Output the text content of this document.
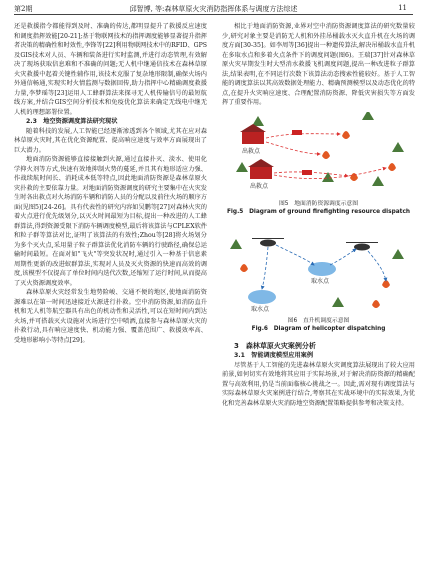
第2期	邱智博, 等:森林草原火灾消防指挥体系与调度方法综述	11

还是救援指令都能得到及时、准确的传达,都明显提升了救援反应速度和调度指挥效能[20-21];基于物联网技术的指挥调度能够显著提升指挥者决策的精确性和时效性,李锋等[22]利用物联网技术中的RFID、GPS及GIS技术对人员、车辆和装备进行实时监测,并进行动态管理,有效解决了现场获取信息难和不准确的问题;无人机中继通信技术在森林草原火灾救援中起着关键性辅作用,该技术克服了复杂地形限制,确保火场内外通信畅通,实现实时火情监测与数据回传,助力指挥中心精确调度救援力量,李梦瑶等[23]运用人工蜂群算法来探寻无人机传输信号的最短航线方案,并结合GIS空间分析技术和免疫优化算法来确定无线电中继无人机的理想部署位置。

2.3　地空资源调度算法研究现状

随着科技的发展,人工智能已经逐渐渗透到各个领域,尤其在应对森林草原火灾时,其在优化资源配置、提高响应速度与效率方面展现出了巨大潜力。

地面消防资源能够直接接触到火源,通过直接扑灭、淡水、使用化学抑火剂等方式,快速有效地抑制火势的蔓延,并且其有地形适应力强、作战续航时间长、消耗成本低等特点,因此地面消防资源是森林草原火灾扑救的主要依靠力量。对地面消防资源调度的研究主要集中在火灾发生时各出救点对火场消防车辆和消防人员的分配以及前往火场的顺序方面(见图5)[24-26]。具有代表性的研究内容如吴鹏等[27]对森林火灾的着火点进行优先级划分,以灭火时间最短为目标,提出一种改进的人工蜂群算法,得到资源受限下消防车辆调度模型,最后将该算法与CPLEX软件和粒子群等算法对比,证明了该算法的有效性;Zhou等[28]将火场划分为多个灭火点,采用量子粒子群算法优化消防车辆的行驶路径,确保总运输时间最短。在面对如"飞火"等突发状况时,通过引入一种基于信息素周期性更新的改进蚁群算法,实现对人员及灭火资源的快速而高效的调度,该模型不仅提高了单位时间内迭代次数,还缩短了运行时间,从而提高了灭火资源调度效率。

森林草原火灾经常发生地势险峻、交通不便的地区,使地面消防资源难以在第一时间迅速接近火源进行扑救。空中消防资源,如消防直升机和无人机等航空器具有出色的机动性和灵活性,可以在短时间内到达火场,并可搭载灭火设施对火场进行空中喷洒,直接参与森林草原火灾的扑救行动,具有响应速度快、机动能力强、覆盖范围广、救援效率高、受地形影响小等特点[29]。

相比于地面消防资源,业界对空中消防资源调度算法的研究数量较少,研究对象主要是消防无人机和外挂吊桶载水灭火直升机在火场的调度方面[30-35]。如李周等[36]提出一种遗传算法,解决吊桶载水直升机在多取水点和多着火点条件下的调度问题(图6)。王瑞[37]针对森林草原火灾早期发生时大型消水救援飞机调度问题,提出一种改进粒子群算法,结果表明,在不同运行次数下该算法动态搜索性能较好。基于人工智能的调度算法以其高效数据处理能力、精确预测模型以及动态优化的特点,在提升火灾响应速度、合理配置消防资源、降低灾害损失等方面发挥了重要作用。

出救点
出救点
图5　地面消防资源调度示意图
Fig.5　Diagram of ground firefighting resource dispatch
取水点
取水点
图6　直升机调度示意图
Fig.6　Diagram of helicopter dispatching

3　森林草原火灾案例分析

3.1　智能调度模型应用案例

尽管基于人工智能的先进森林草原火灾调度算法展现出了较大应用前景,如何切实有效地将其应用于实际场景,对于解决消防资源的精确配置与高效利用,仍是当前面临核心挑战之一。因此,需对现有调度算法与实际森林草原火灾案例进行结合,考察其在实战环境中的实际效果,为优化和完善森林草原火灾消防地空资源配置策略提供参考和决策支持。
